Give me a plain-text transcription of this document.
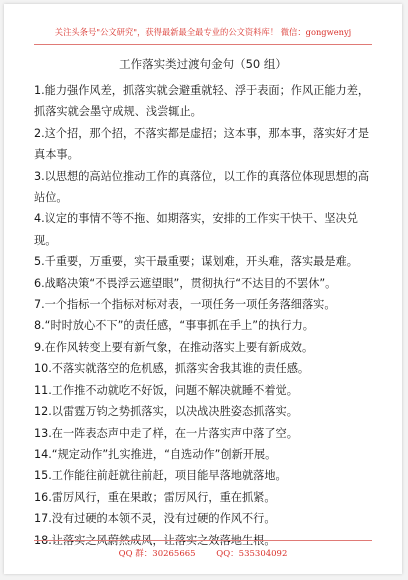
关注头条号"公文研究"，获得最新最全最专业的公文资料库！ 微信：gongwenyj
工作落实类过渡句金句（50 组）

1.能力强作风差，抓落实就会避重就轻、浮于表面；作风正能力差，抓落实就会墨守成规、浅尝辄止。

2.这个招，那个招，不落实都是虚招；这本事，那本事，落实好才是真本事。

3.以思想的高站位推动工作的真落位，以工作的真落位体现思想的高站位。

4.议定的事情不等不拖、如期落实，安排的工作实干快干、坚决兑现。

5.千重要，万重要，实干最重要；谋划难，开头难，落实最是难。

6.战略决策“不畏浮云遮望眼”，贯彻执行“不达目的不罢休”。

7.一个指标一个指标对标对表，一项任务一项任务落细落实。

8.“时时放心不下”的责任感，“事事抓在手上”的执行力。

9.在作风转变上要有新气象，在推动落实上要有新成效。

10.不落实就落空的危机感，抓落实舍我其谁的责任感。

11.工作推不动就吃不好饭，问题不解决就睡不着觉。

12.以雷霆万钧之势抓落实，以决战决胜姿态抓落实。

13.在一阵表态声中走了样，在一片落实声中落了空。

14.“规定动作”扎实推进，“自选动作”创新开展。

15.工作能往前赶就往前赶，项目能早落地就落地。

16.雷厉风行，重在果敢；雷厉风行，重在抓紧。

17.没有过硬的本领不灵，没有过硬的作风不行。

18.让落实之风蔚然成风，让落实之效落地生根。

QQ 群：30265665 QQ：535304092
